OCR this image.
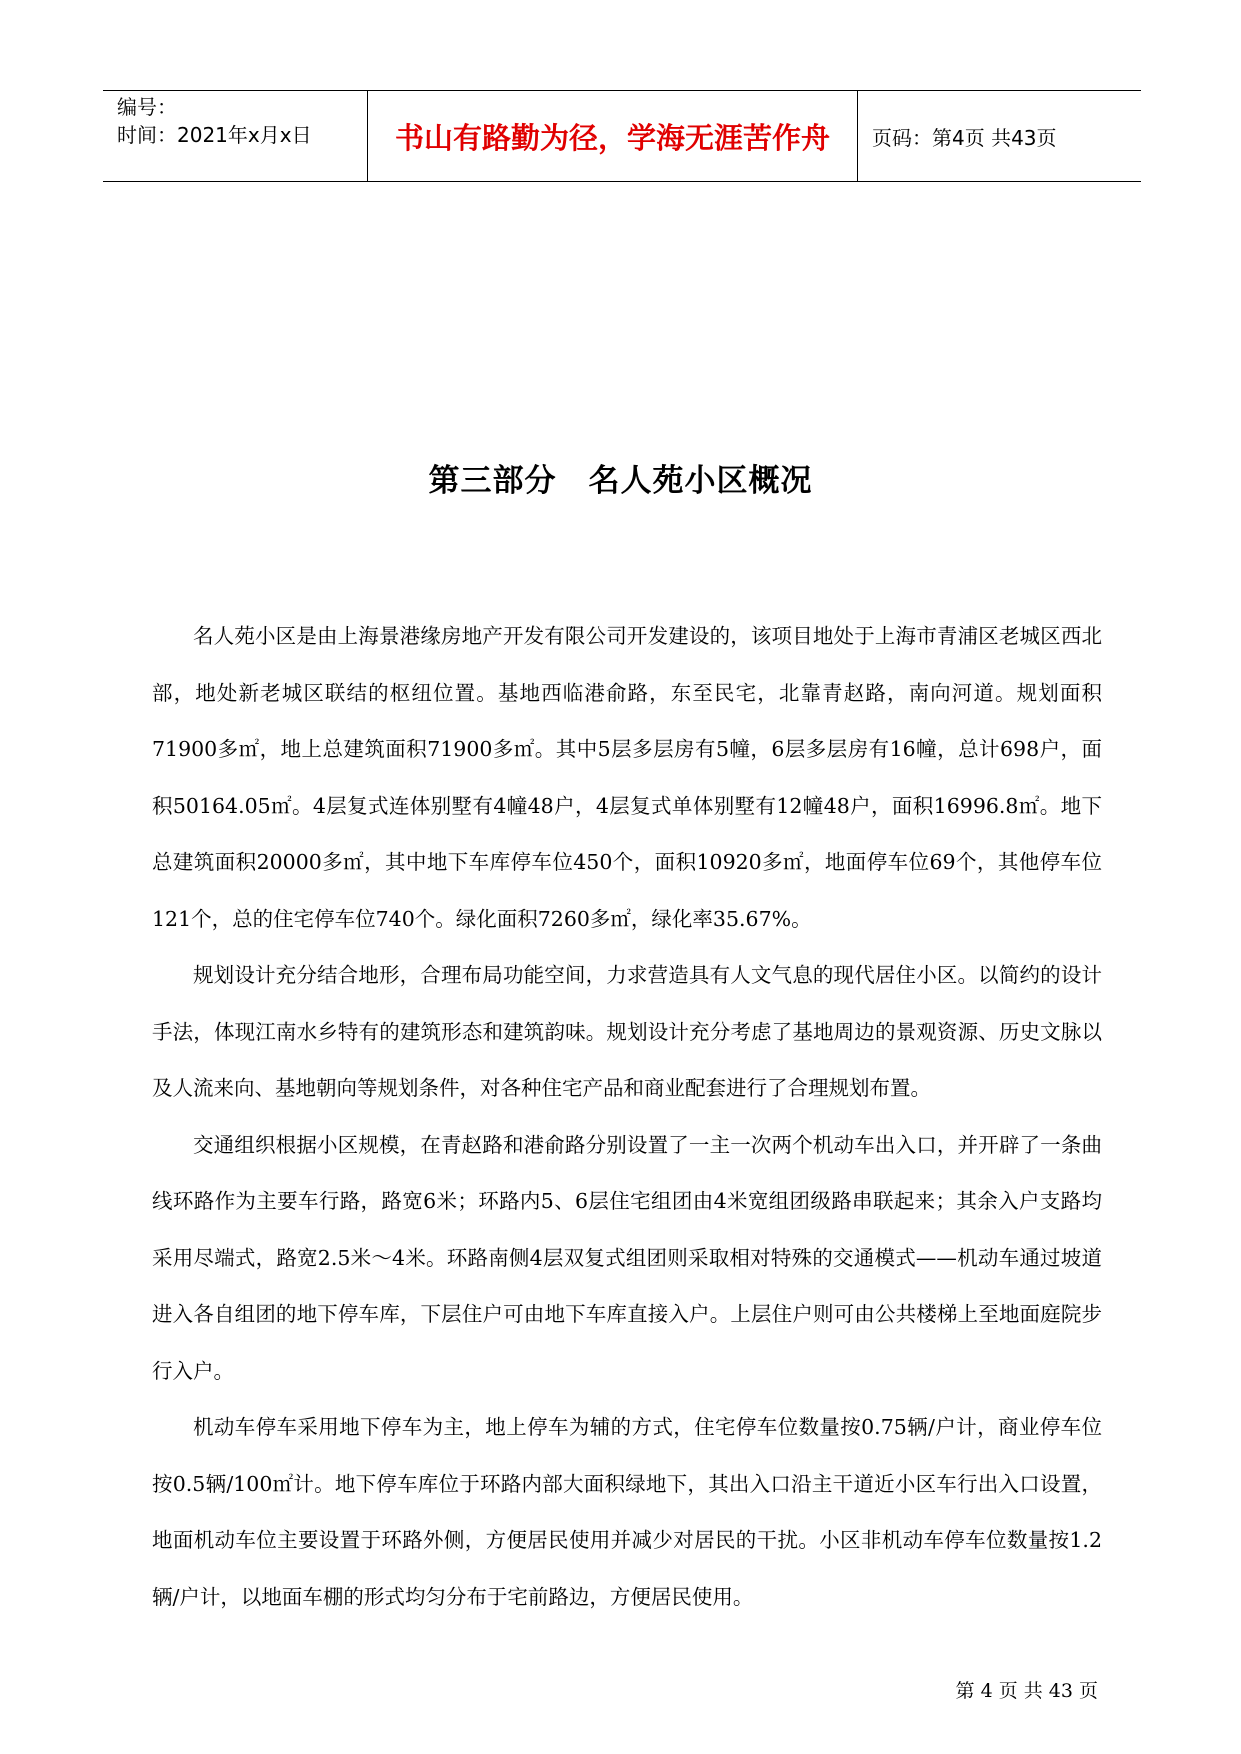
编号：
时间：2021年x月x日	书山有路勤为径，学海无涯苦作舟	页码：第4页 共43页
第三部分　名人苑小区概况

名人苑小区是由上海景港缘房地产开发有限公司开发建设的，该项目地处于上海市青浦区老城区西北部，地处新老城区联结的枢纽位置。基地西临港俞路，东至民宅，北靠青赵路，南向河道。规划面积71900多㎡，地上总建筑面积71900多㎡。其中5层多层房有5幢，6层多层房有16幢，总计698户，面积50164.05㎡。4层复式连体别墅有4幢48户，4层复式单体别墅有12幢48户，面积16996.8㎡。地下总建筑面积20000多㎡，其中地下车库停车位450个，面积10920多㎡，地面停车位69个，其他停车位121个，总的住宅停车位740个。绿化面积7260多㎡，绿化率35.67%。

规划设计充分结合地形，合理布局功能空间，力求营造具有人文气息的现代居住小区。以简约的设计手法，体现江南水乡特有的建筑形态和建筑韵味。规划设计充分考虑了基地周边的景观资源、历史文脉以及人流来向、基地朝向等规划条件，对各种住宅产品和商业配套进行了合理规划布置。

交通组织根据小区规模，在青赵路和港俞路分别设置了一主一次两个机动车出入口，并开辟了一条曲线环路作为主要车行路，路宽6米；环路内5、6层住宅组团由4米宽组团级路串联起来；其余入户支路均采用尽端式，路宽2.5米～4米。环路南侧4层双复式组团则采取相对特殊的交通模式——机动车通过坡道进入各自组团的地下停车库，下层住户可由地下车库直接入户。上层住户则可由公共楼梯上至地面庭院步行入户。

机动车停车采用地下停车为主，地上停车为辅的方式，住宅停车位数量按0.75辆/户计，商业停车位按0.5辆/100㎡计。地下停车库位于环路内部大面积绿地下，其出入口沿主干道近小区车行出入口设置，地面机动车位主要设置于环路外侧，方便居民使用并减少对居民的干扰。小区非机动车停车位数量按1.2辆/户计，以地面车棚的形式均匀分布于宅前路边，方便居民使用。

第 4 页 共 43 页
